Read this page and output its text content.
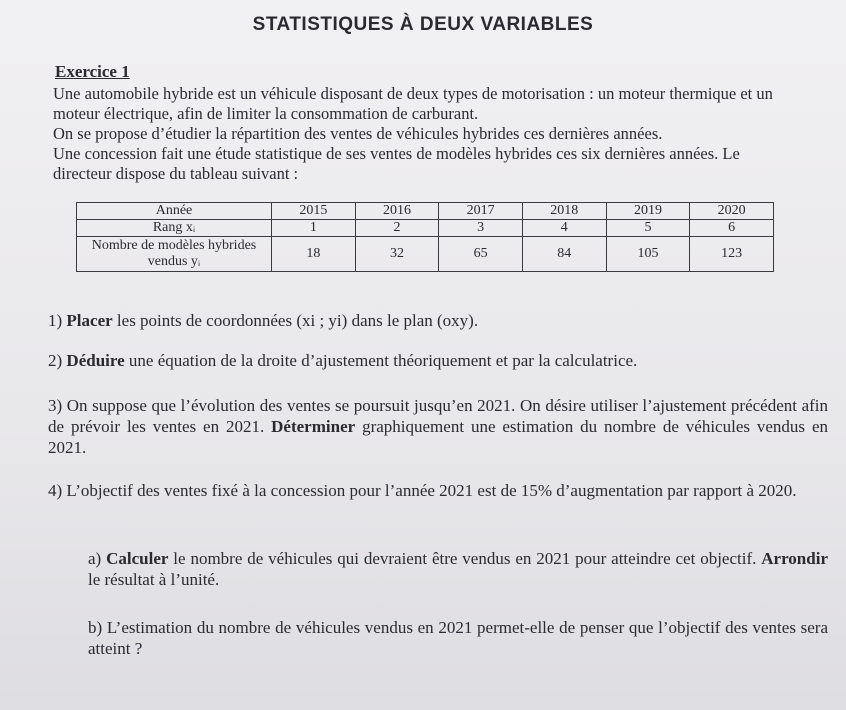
STATISTIQUES À DEUX VARIABLES
Exercice 1

Une automobile hybride est un véhicule disposant de deux types de motorisation : un moteur thermique et un moteur électrique, afin de limiter la consommation de carburant.

On se propose d’étudier la répartition des ventes de véhicules hybrides ces dernières années.

Une concession fait une étude statistique de ses ventes de modèles hybrides ces six dernières années. Le directeur dispose du tableau suivant :

Année	2015	2016	2017	2018	2019	2020
Rang xᵢ	1	2	3	4	5	6
Nombre de modèles hybrides vendus yᵢ	18	32	65	84	105	123

1) Placer les points de coordonnées (xi ; yi) dans le plan (oxy).

2) Déduire une équation de la droite d’ajustement théoriquement et par la calculatrice.

3) On suppose que l’évolution des ventes se poursuit jusqu’en 2021. On désire utiliser l’ajustement précédent afin de prévoir les ventes en 2021. Déterminer graphiquement une estimation du nombre de véhicules vendus en 2021.

4) L’objectif des ventes fixé à la concession pour l’année 2021 est de 15% d’augmentation par rapport à 2020.

a) Calculer le nombre de véhicules qui devraient être vendus en 2021 pour atteindre cet objectif. Arrondir le résultat à l’unité.

b) L’estimation du nombre de véhicules vendus en 2021 permet-elle de penser que l’objectif des ventes sera atteint ?
